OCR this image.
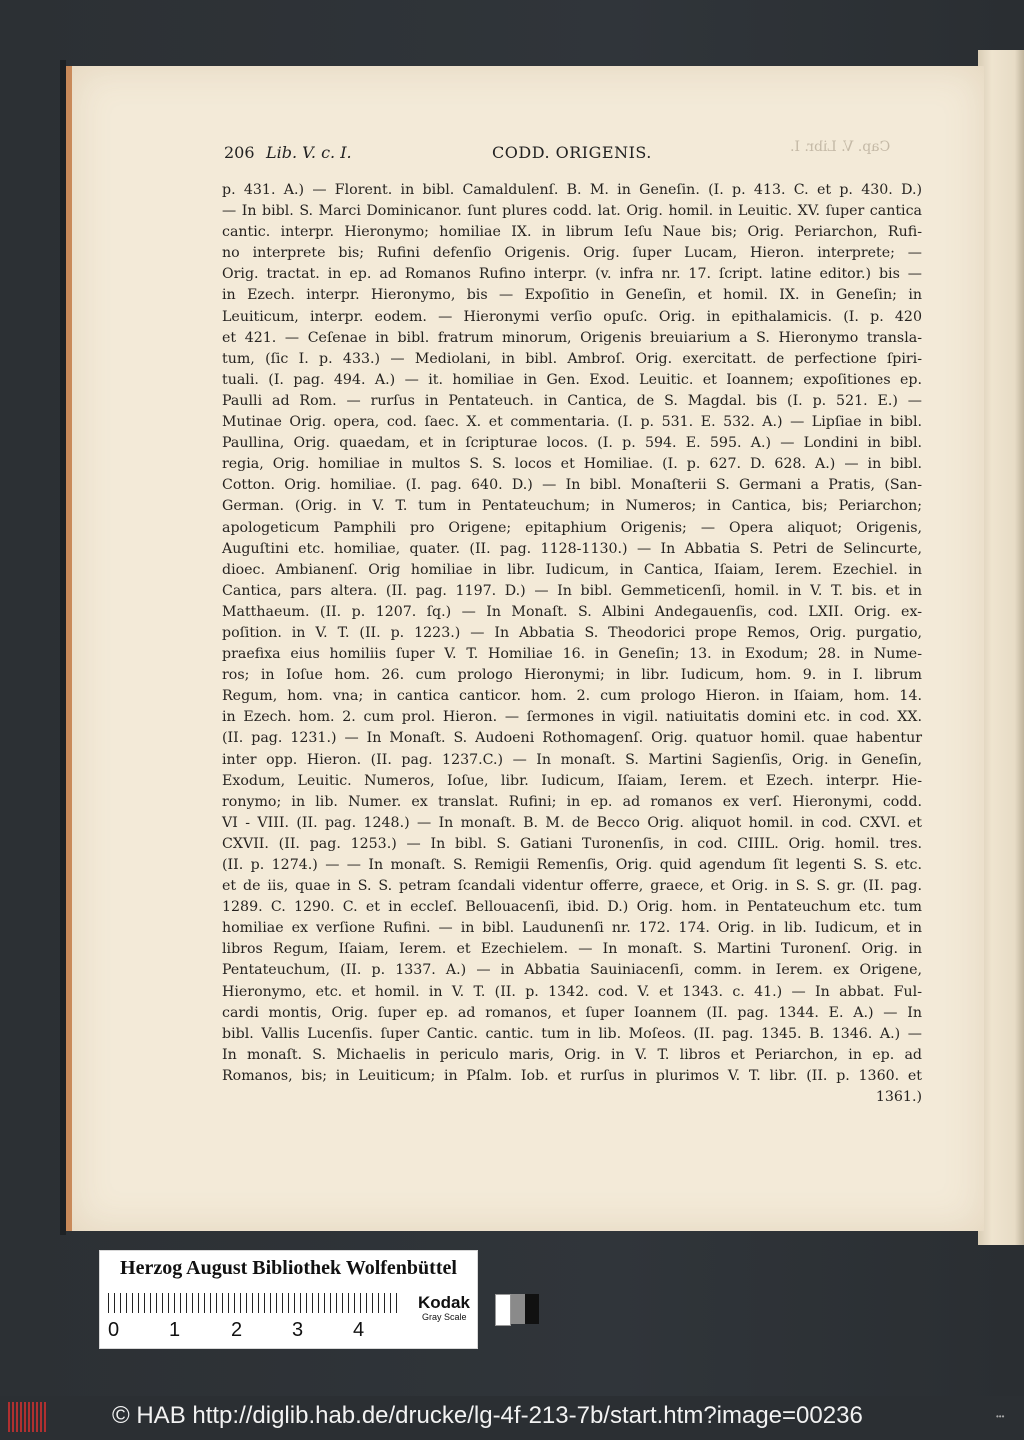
Cap. V. Libr. I.
206 Lib. V. c. I.	CODD. ORIGENIS.
p. 431. A.) — Florent. in bibl. Camaldulenſ. B. M. in Geneſin. (I. p. 413. C. et p. 430. D.)
— In bibl. S. Marci Dominicanor. ſunt plures codd. lat. Orig. homil. in Leuitic. XV. ſuper cantica
cantic. interpr. Hieronymo; homiliae IX. in librum Ieſu Naue bis; Orig. Periarchon, Rufi-
no interprete bis; Rufini defenſio Origenis. Orig. ſuper Lucam, Hieron. interprete; —
Orig. tractat. in ep. ad Romanos Rufino interpr. (v. infra nr. 17. ſcript. latine editor.) bis —
in Ezech. interpr. Hieronymo, bis — Expoſitio in Geneſin, et homil. IX. in Geneſin; in
Leuiticum, interpr. eodem. — Hieronymi verſio opuſc. Orig. in epithalamicis. (I. p. 420
et 421. — Ceſenae in bibl. fratrum minorum, Origenis breuiarium a S. Hieronymo transla-
tum, (ſic I. p. 433.) — Mediolani, in bibl. Ambroſ. Orig. exercitatt. de perfectione ſpiri-
tuali. (I. pag. 494. A.) — it. homiliae in Gen. Exod. Leuitic. et Ioannem; expoſitiones ep.
Paulli ad Rom. — rurſus in Pentateuch. in Cantica, de S. Magdal. bis (I. p. 521. E.) —
Mutinae Orig. opera, cod. ſaec. X. et commentaria. (I. p. 531. E. 532. A.) — Lipſiae in bibl.
Paullina, Orig. quaedam, et in ſcripturae locos. (I. p. 594. E. 595. A.) — Londini in bibl.
regia, Orig. homiliae in multos S. S. locos et Homiliae. (I. p. 627. D. 628. A.) — in bibl.
Cotton. Orig. homiliae. (I. pag. 640. D.) — In bibl. Monaſterii S. Germani a Pratis, (San-
German. (Orig. in V. T. tum in Pentateuchum; in Numeros; in Cantica, bis; Periarchon;
apologeticum Pamphili pro Origene; epitaphium Origenis; — Opera aliquot; Origenis,
Auguſtini etc. homiliae, quater. (II. pag. 1128-1130.) — In Abbatia S. Petri de Selincurte,
dioec. Ambianenſ. Orig homiliae in libr. Iudicum, in Cantica, Iſaiam, Ierem. Ezechiel. in
Cantica, pars altera. (II. pag. 1197. D.) — In bibl. Gemmeticenſi, homil. in V. T. bis. et in
Matthaeum. (II. p. 1207. ſq.) — In Monaſt. S. Albini Andegauenſis, cod. LXII. Orig. ex-
poſition. in V. T. (II. p. 1223.) — In Abbatia S. Theodorici prope Remos, Orig. purgatio,
praefixa eius homiliis ſuper V. T. Homiliae 16. in Geneſin; 13. in Exodum; 28. in Nume-
ros; in Ioſue hom. 26. cum prologo Hieronymi; in libr. Iudicum, hom. 9. in I. librum
Regum, hom. vna; in cantica canticor. hom. 2. cum prologo Hieron. in Iſaiam, hom. 14.
in Ezech. hom. 2. cum prol. Hieron. — ſermones in vigil. natiuitatis domini etc. in cod. XX.
(II. pag. 1231.) — In Monaſt. S. Audoeni Rothomagenſ. Orig. quatuor homil. quae habentur
inter opp. Hieron. (II. pag. 1237.C.) — In monaſt. S. Martini Sagienſis, Orig. in Geneſin,
Exodum, Leuitic. Numeros, Ioſue, libr. Iudicum, Iſaiam, Ierem. et Ezech. interpr. Hie-
ronymo; in lib. Numer. ex translat. Rufini; in ep. ad romanos ex verſ. Hieronymi, codd.
VI - VIII. (II. pag. 1248.) — In monaſt. B. M. de Becco Orig. aliquot homil. in cod. CXVI. et
CXVII. (II. pag. 1253.) — In bibl. S. Gatiani Turonenſis, in cod. CIIIL. Orig. homil. tres.
(II. p. 1274.) — — In monaſt. S. Remigii Remenſis, Orig. quid agendum ſit legenti S. S. etc.
et de iis, quae in S. S. petram ſcandali videntur offerre, graece, et Orig. in S. S. gr. (II. pag.
1289. C. 1290. C. et in eccleſ. Bellouacenſi, ibid. D.) Orig. hom. in Pentateuchum etc. tum
homiliae ex verſione Rufini. — in bibl. Laudunenſi nr. 172. 174. Orig. in lib. Iudicum, et in
libros Regum, Iſaiam, Ierem. et Ezechielem. — In monaſt. S. Martini Turonenſ. Orig. in
Pentateuchum, (II. p. 1337. A.) — in Abbatia Sauiniacenſi, comm. in Ierem. ex Origene,
Hieronymo, etc. et homil. in V. T. (II. p. 1342. cod. V. et 1343. c. 41.) — In abbat. Ful-
cardi montis, Orig. ſuper ep. ad romanos, et ſuper Ioannem (II. pag. 1344. E. A.) — In
bibl. Vallis Lucenſis. ſuper Cantic. cantic. tum in lib. Moſeos. (II. pag. 1345. B. 1346. A.) —
In monaſt. S. Michaelis in periculo maris, Orig. in V. T. libros et Periarchon, in ep. ad
Romanos, bis; in Leuiticum; in Pſalm. Iob. et rurſus in plurimos V. T. libr. (II. p. 1360. et
1361.)
Herzog August Bibliothek Wolfenbüttel
0 1	2 3 4
Kodak
Gray Scale
© HAB http://diglib.hab.de/drucke/lg-4f-213-7b/start.htm?image=00236	•••
